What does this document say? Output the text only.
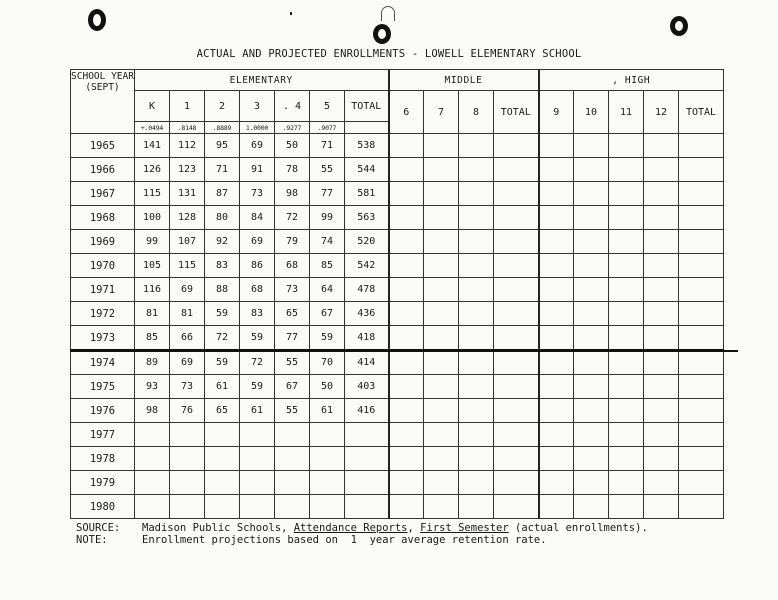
ACTUAL AND PROJECTED ENROLLMENTS - LOWELL ELEMENTARY SCHOOL
SCHOOL YEAR (SEPT)	ELEMENTARY							MIDDLE				, HIGH				
	K	1	2	3	. 4	5	TOTAL	6	7	8	TOTAL	9	10	11	12	TOTAL
	+.0494	.8148	.8889	1.0000	.9277	.9077										
1965	141	112	95	69	50	71	538									
1966	126	123	71	91	78	55	544									
1967	115	131	87	73	98	77	581									
1968	100	128	80	84	72	99	563									
1969	99	107	92	69	79	74	520									
1970	105	115	83	86	68	85	542									
1971	116	69	88	68	73	64	478									
1972	81	81	59	83	65	67	436									
1973	85	66	72	59	77	59	418									
1974	89	69	59	72	55	70	414									
1975	93	73	61	59	67	50	403									
1976	98	76	65	61	55	61	416									
1977																
1978																
1979																
1980																
SOURCE:	Madison Public Schools, Attendance Reports, First Semester (actual enrollments).
NOTE:	Enrollment projections based on  1  year average retention rate.
